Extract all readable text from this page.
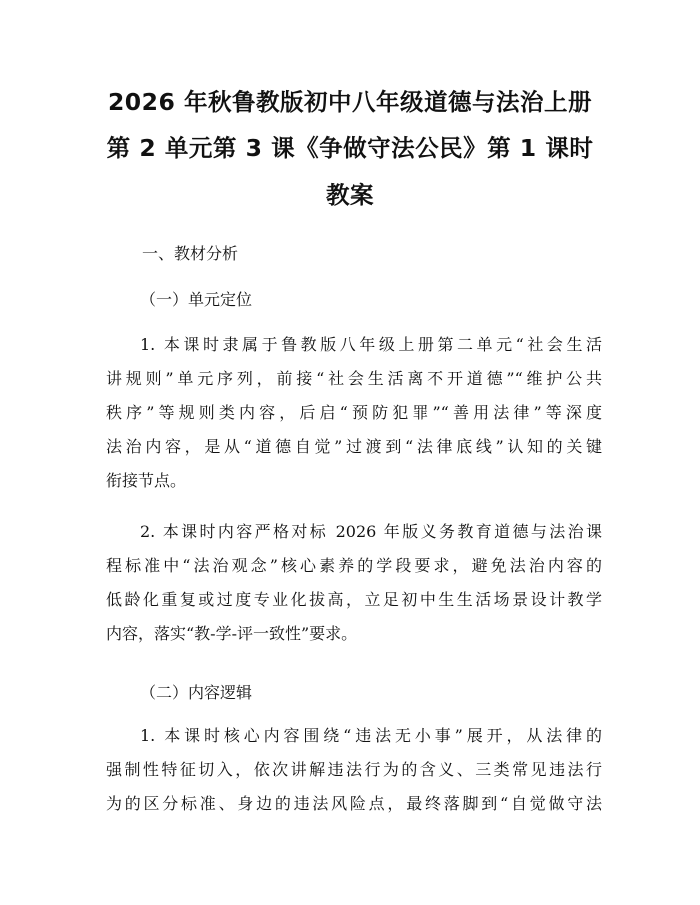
2026 年秋鲁教版初中八年级道德与法治上册
第 2 单元第 3 课《争做守法公民》第 1 课时
教案
一、教材分析
（一）单元定位
1. 本课时隶属于鲁教版八年级上册第二单元“社会生活
讲规则”单元序列，前接“社会生活离不开道德”“维护公共
秩序”等规则类内容，后启“预防犯罪”“善用法律”等深度
法治内容，是从“道德自觉”过渡到“法律底线”认知的关键
衔接节点。
2. 本课时内容严格对标 2026 年版义务教育道德与法治课
程标准中“法治观念”核心素养的学段要求，避免法治内容的
低龄化重复或过度专业化拔高，立足初中生生活场景设计教学
内容，落实“教-学-评一致性”要求。
（二）内容逻辑
1. 本课时核心内容围绕“违法无小事”展开，从法律的
强制性特征切入，依次讲解违法行为的含义、三类常见违法行
为的区分标准、身边的违法风险点，最终落脚到“自觉做守法
